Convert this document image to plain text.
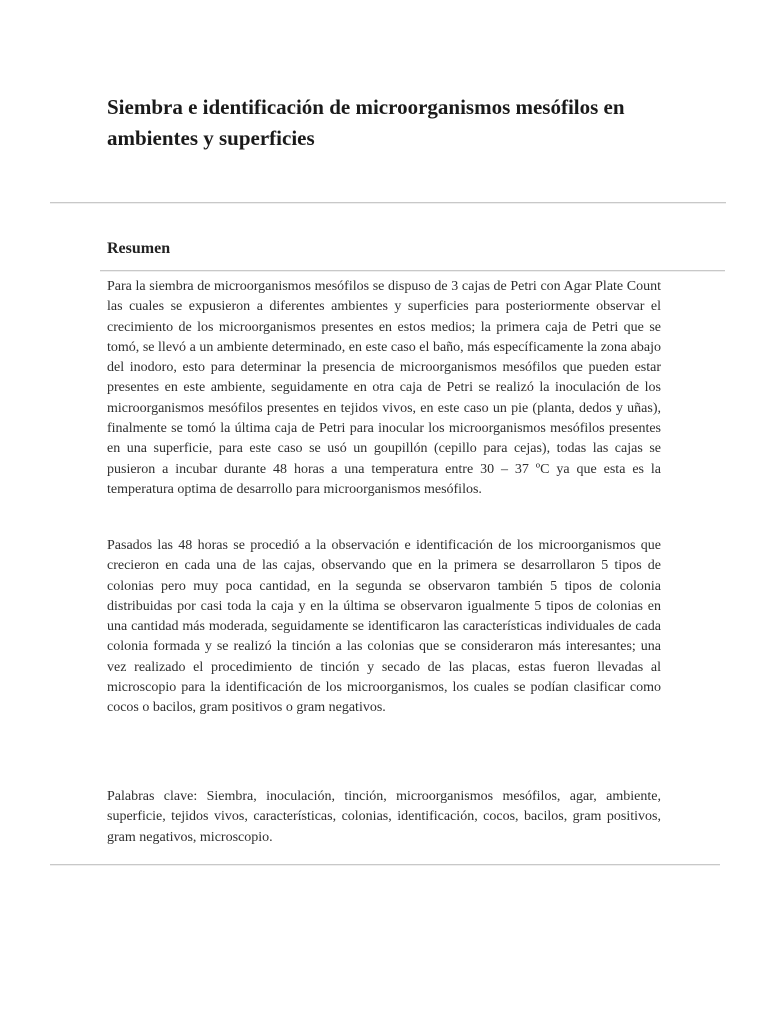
Siembra e identificación de microorganismos mesófilos en ambientes y superficies
Resumen

Para la siembra de microorganismos mesófilos se dispuso de 3 cajas de Petri con Agar Plate Count las cuales se expusieron a diferentes ambientes y superficies para posteriormente observar el crecimiento de los microorganismos presentes en estos medios; la primera caja de Petri que se tomó, se llevó a un ambiente determinado, en este caso el baño, más específicamente la zona abajo del inodoro, esto para determinar la presencia de microorganismos mesófilos que pueden estar presentes en este ambiente, seguidamente en otra caja de Petri se realizó la inoculación de los microorganismos mesófilos presentes en tejidos vivos, en este caso un pie (planta, dedos y uñas), finalmente se tomó la última caja de Petri para inocular los microorganismos mesófilos presentes en una superficie, para este caso se usó un goupillón (cepillo para cejas), todas las cajas se pusieron a incubar durante 48 horas a una temperatura entre 30 – 37 ºC ya que esta es la temperatura optima de desarrollo para microorganismos mesófilos.

Pasados las 48 horas se procedió a la observación e identificación de los microorganismos que crecieron en cada una de las cajas, observando que en la primera se desarrollaron 5 tipos de colonias pero muy poca cantidad, en la segunda se observaron también 5 tipos de colonia distribuidas por casi toda la caja y en la última se observaron igualmente 5 tipos de colonias en una cantidad más moderada, seguidamente se identificaron las características individuales de cada colonia formada y se realizó la tinción a las colonias que se consideraron más interesantes; una vez realizado el procedimiento de tinción y secado de las placas, estas fueron llevadas al microscopio para la identificación de los microorganismos, los cuales se podían clasificar como cocos o bacilos, gram positivos o gram negativos.

Palabras clave: Siembra, inoculación, tinción, microorganismos mesófilos, agar, ambiente, superficie, tejidos vivos, características, colonias, identificación, cocos, bacilos, gram positivos, gram negativos, microscopio.
